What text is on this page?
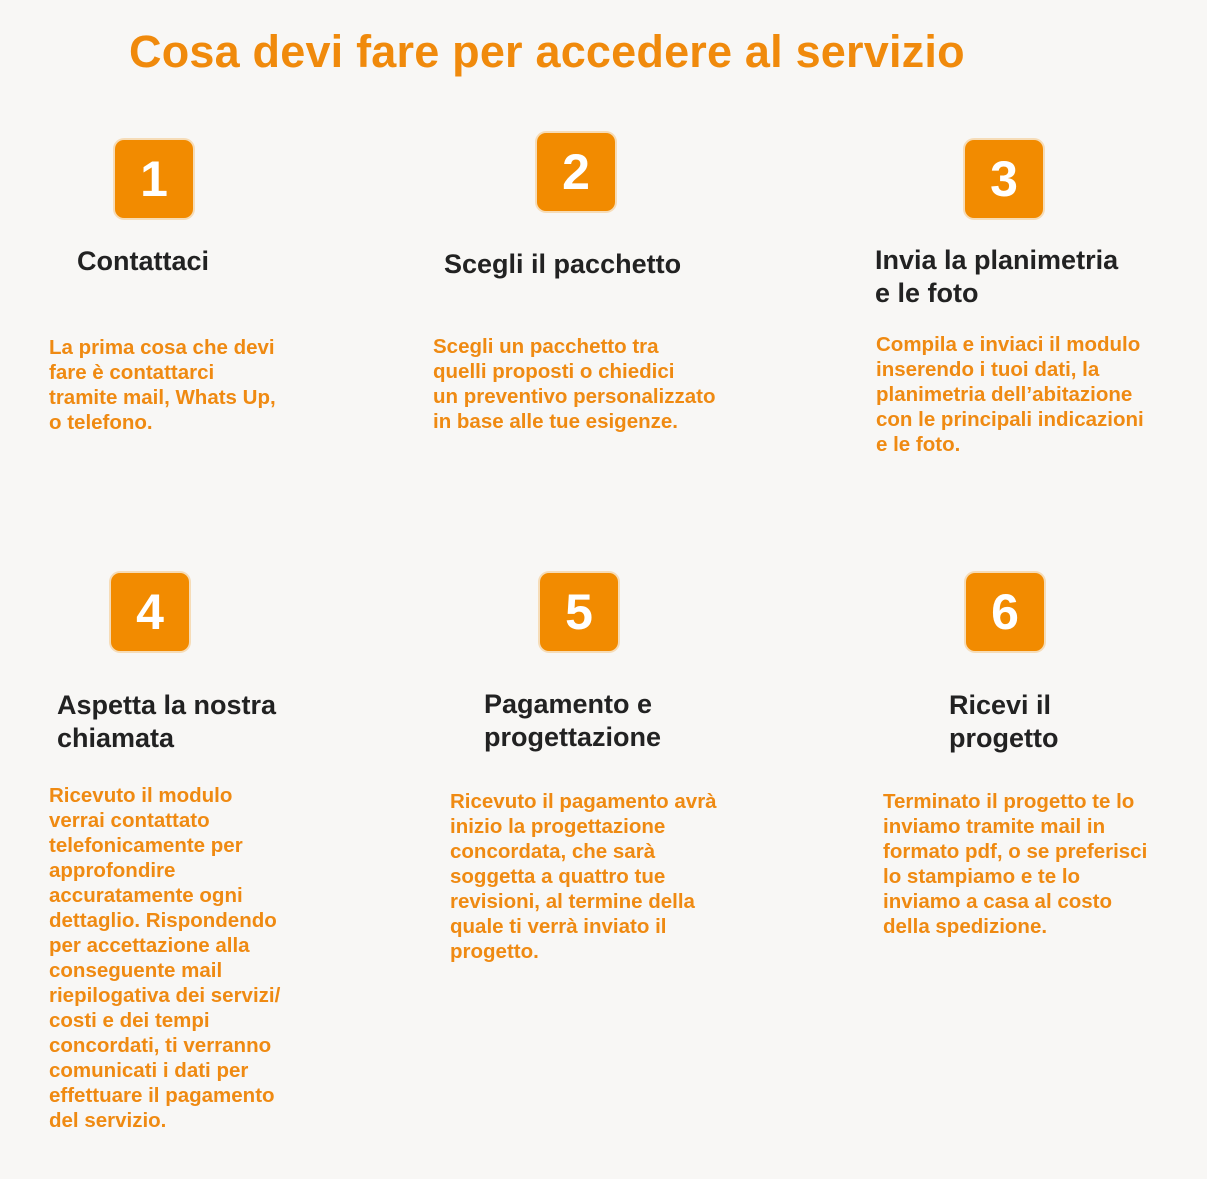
Cosa devi fare per accedere al servizio
1
Contattaci

La prima cosa che devi
fare è contattarci
tramite mail, Whats Up,
o telefono.

2
Scegli il pacchetto

Scegli un pacchetto tra
quelli proposti o chiedici
un preventivo personalizzato
in base alle tue esigenze.

3
Invia la planimetria
e le foto

Compila e inviaci il modulo
inserendo i tuoi dati, la
planimetria dell’abitazione
con le principali indicazioni
e le foto.

4
Aspetta la nostra
chiamata

Ricevuto il modulo
verrai contattato
telefonicamente per
approfondire
accuratamente ogni
dettaglio. Rispondendo
per accettazione alla
conseguente mail
riepilogativa dei servizi/
costi e dei tempi
concordati, ti verranno
comunicati i dati per
effettuare il pagamento
del servizio.

5
Pagamento e
progettazione

Ricevuto il pagamento avrà
inizio la progettazione
concordata, che sarà
soggetta a quattro tue
revisioni, al termine della
quale ti verrà inviato il
progetto.

6
Ricevi il
progetto

Terminato il progetto te lo
inviamo tramite mail in
formato pdf, o se preferisci
lo stampiamo e te lo
inviamo a casa al costo
della spedizione.
